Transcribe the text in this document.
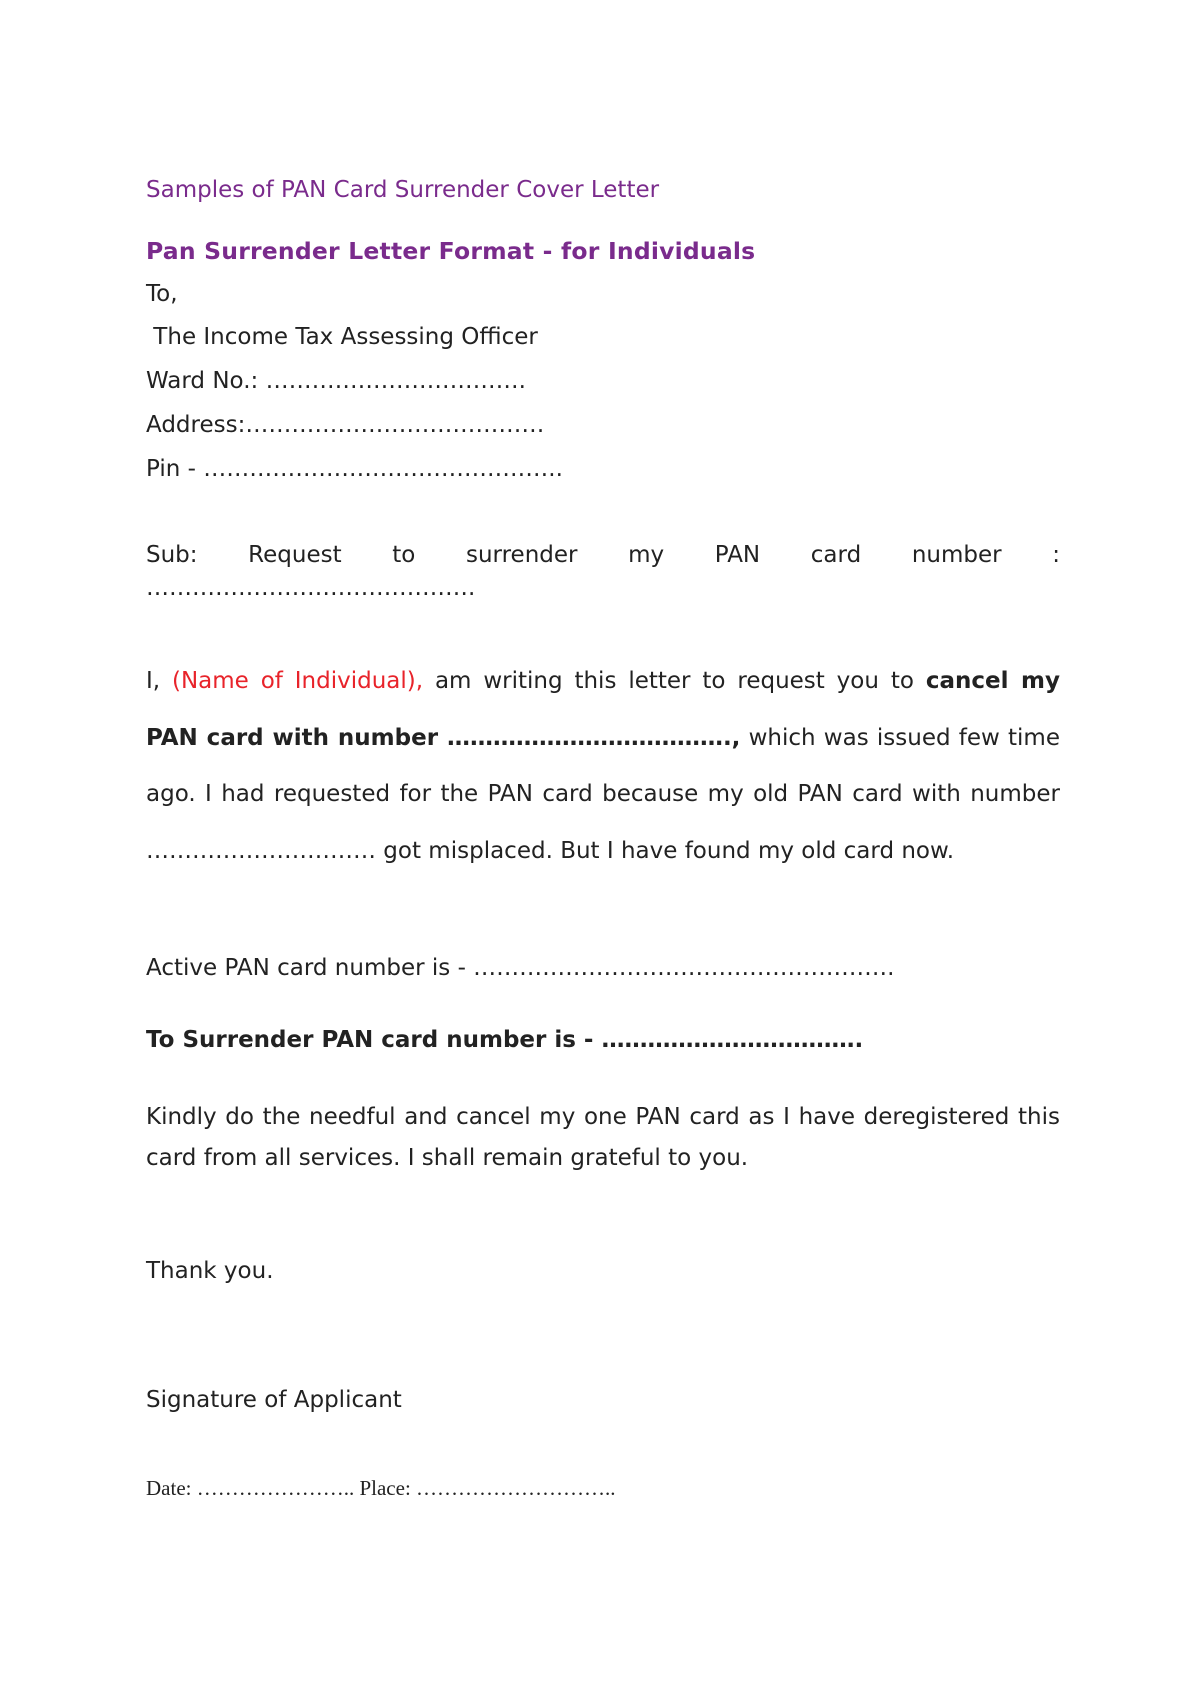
Samples of PAN Card Surrender Cover Letter
Pan Surrender Letter Format - for Individuals
To,
The Income Tax Assessing Officer
Ward No.: …………………………….
Address:…………………………………
Pin - ………………………………………..
Sub: Request to surrender my PAN card number :
…………………………………….
I, (Name of Individual), am writing this letter to request you to cancel my PAN card with number ………………………………., which was issued few time ago. I had requested for the PAN card because my old PAN card with number ………………………… got misplaced. But I have found my old card now.
Active PAN card number is - ……………………………………………….
To Surrender PAN card number is - …………………………….
Kindly do the needful and cancel my one PAN card as I have deregistered this card from all services. I shall remain grateful to you.
Thank you.
Signature of Applicant
Date: ………………….. Place: ………………………..
